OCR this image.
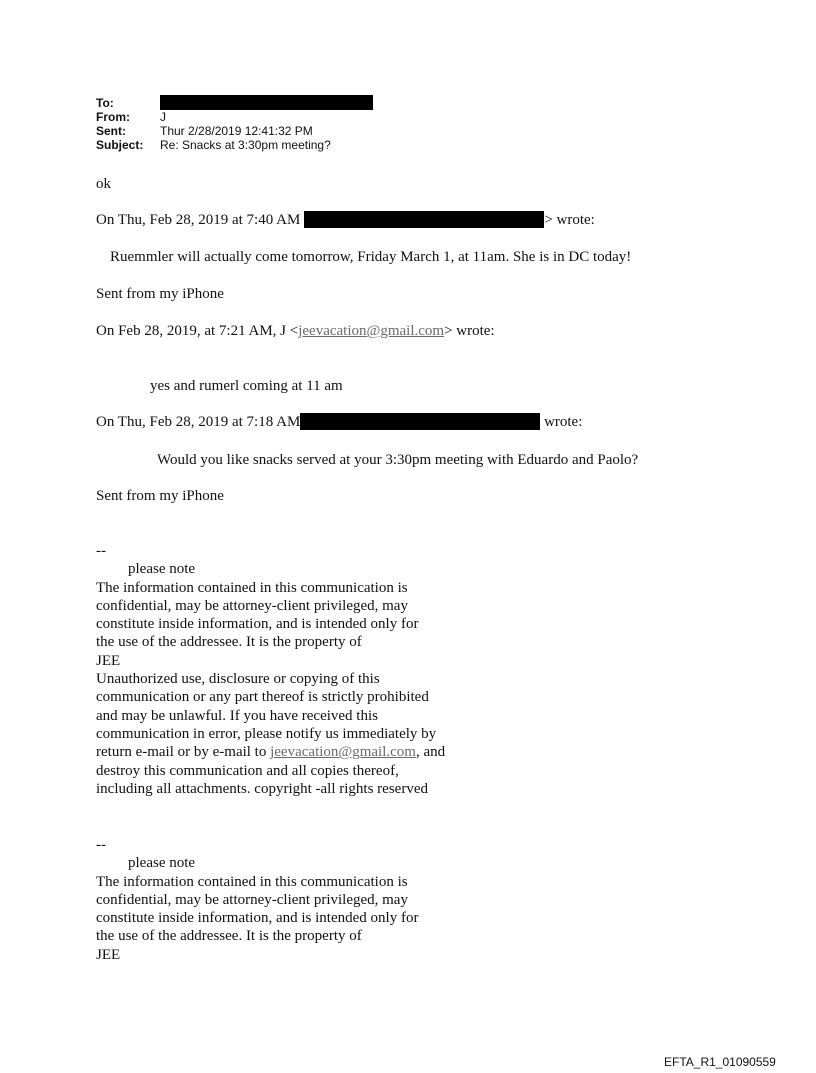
To:
From:	J
Sent:	Thur 2/28/2019 12:41:32 PM
Subject:	Re: Snacks at 3:30pm meeting?
ok
On Thu, Feb 28, 2019 at 7:40 AM	> wrote:
Ruemmler will actually come tomorrow, Friday March 1, at 11am. She is in DC today!
Sent from my iPhone
On Feb 28, 2019, at 7:21 AM, J <jeevacation@gmail.com> wrote:
yes and rumerl coming at 11 am
On Thu, Feb 28, 2019 at 7:18 AM	wrote:
Would you like snacks served at your 3:30pm meeting with Eduardo and Paolo?
Sent from my iPhone
--
please note
The information contained in this communication is
confidential, may be attorney-client privileged, may
constitute inside information, and is intended only for
the use of the addressee. It is the property of
JEE
Unauthorized use, disclosure or copying of this
communication or any part thereof is strictly prohibited
and may be unlawful. If you have received this
communication in error, please notify us immediately by
return e-mail or by e-mail to jeevacation@gmail.com, and
destroy this communication and all copies thereof,
including all attachments. copyright -all rights reserved
--
please note
The information contained in this communication is
confidential, may be attorney-client privileged, may
constitute inside information, and is intended only for
the use of the addressee. It is the property of
JEE
EFTA_R1_01090559
